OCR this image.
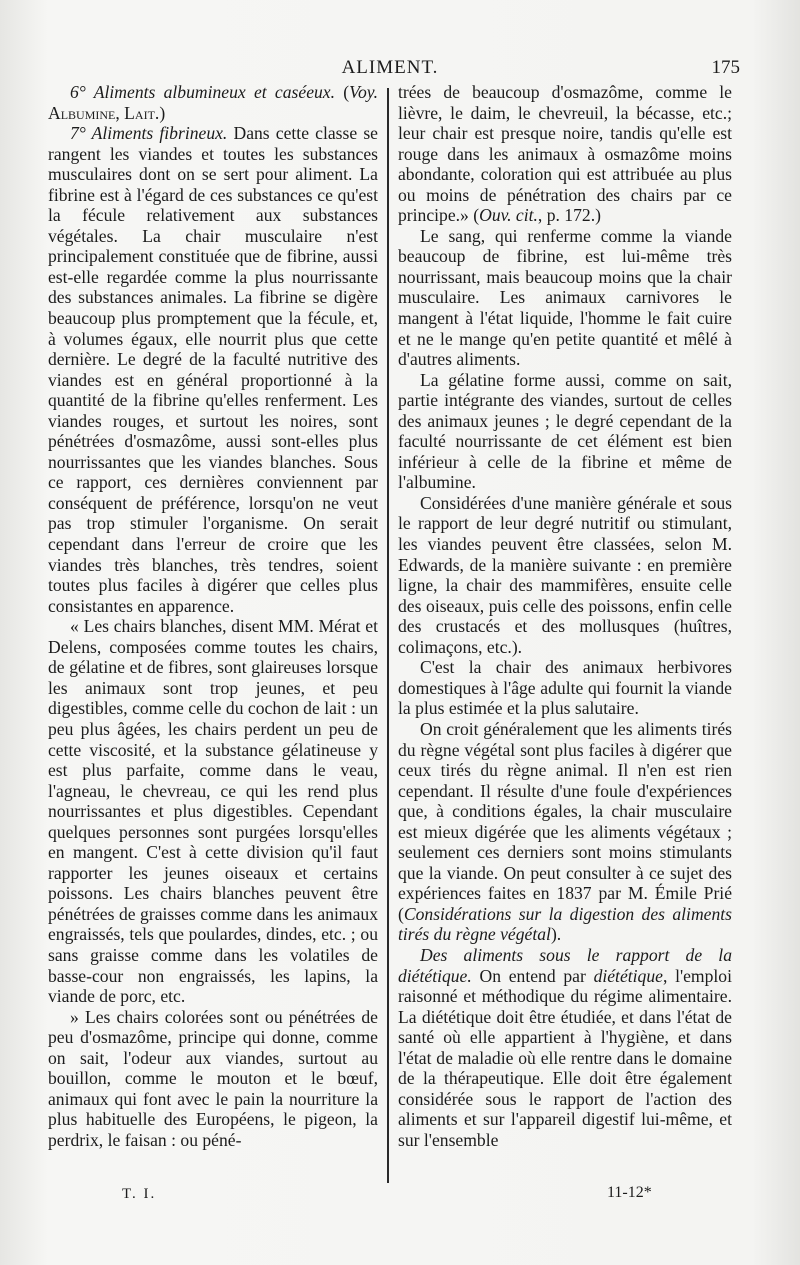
ALIMENT.	175

6° Aliments albumineux et caséeux. (Voy. Albumine, Lait.)

7° Aliments fibrineux. Dans cette classe se rangent les viandes et toutes les substances musculaires dont on se sert pour aliment. La fibrine est à l'égard de ces substances ce qu'est la fécule relativement aux substances végétales. La chair musculaire n'est principalement constituée que de fibrine, aussi est-elle regardée comme la plus nourrissante des substances animales. La fibrine se digère beaucoup plus promptement que la fécule, et, à volumes égaux, elle nourrit plus que cette dernière. Le degré de la faculté nutritive des viandes est en général proportionné à la quantité de la fibrine qu'elles renferment. Les viandes rouges, et surtout les noires, sont pénétrées d'osmazôme, aussi sont-elles plus nourrissantes que les viandes blanches. Sous ce rapport, ces dernières conviennent par conséquent de préférence, lorsqu'on ne veut pas trop stimuler l'organisme. On serait cependant dans l'erreur de croire que les viandes très blanches, très tendres, soient toutes plus faciles à digérer que celles plus consistantes en apparence.

« Les chairs blanches, disent MM. Mérat et Delens, composées comme toutes les chairs, de gélatine et de fibres, sont glaireuses lorsque les animaux sont trop jeunes, et peu digestibles, comme celle du cochon de lait : un peu plus âgées, les chairs perdent un peu de cette viscosité, et la substance gélatineuse y est plus parfaite, comme dans le veau, l'agneau, le chevreau, ce qui les rend plus nourrissantes et plus digestibles. Cependant quelques personnes sont purgées lorsqu'elles en mangent. C'est à cette division qu'il faut rapporter les jeunes oiseaux et certains poissons. Les chairs blanches peuvent être pénétrées de graisses comme dans les animaux engraissés, tels que poulardes, dindes, etc. ; ou sans graisse comme dans les volatiles de basse-cour non engraissés, les lapins, la viande de porc, etc.

» Les chairs colorées sont ou pénétrées de peu d'osmazôme, principe qui donne, comme on sait, l'odeur aux viandes, surtout au bouillon, comme le mouton et le bœuf, animaux qui font avec le pain la nourriture la plus habituelle des Européens, le pigeon, la perdrix, le faisan : ou péné-

trées de beaucoup d'osmazôme, comme le lièvre, le daim, le chevreuil, la bécasse, etc.; leur chair est presque noire, tandis qu'elle est rouge dans les animaux à osmazôme moins abondante, coloration qui est attribuée au plus ou moins de pénétration des chairs par ce principe.» (Ouv. cit., p. 172.)

Le sang, qui renferme comme la viande beaucoup de fibrine, est lui-même très nourrissant, mais beaucoup moins que la chair musculaire. Les animaux carnivores le mangent à l'état liquide, l'homme le fait cuire et ne le mange qu'en petite quantité et mêlé à d'autres aliments.

La gélatine forme aussi, comme on sait, partie intégrante des viandes, surtout de celles des animaux jeunes ; le degré cependant de la faculté nourrissante de cet élément est bien inférieur à celle de la fibrine et même de l'albumine.

Considérées d'une manière générale et sous le rapport de leur degré nutritif ou stimulant, les viandes peuvent être classées, selon M. Edwards, de la manière suivante : en première ligne, la chair des mammifères, ensuite celle des oiseaux, puis celle des poissons, enfin celle des crustacés et des mollusques (huîtres, colimaçons, etc.).

C'est la chair des animaux herbivores domestiques à l'âge adulte qui fournit la viande la plus estimée et la plus salutaire.

On croit généralement que les aliments tirés du règne végétal sont plus faciles à digérer que ceux tirés du règne animal. Il n'en est rien cependant. Il résulte d'une foule d'expériences que, à conditions égales, la chair musculaire est mieux digérée que les aliments végétaux ; seulement ces derniers sont moins stimulants que la viande. On peut consulter à ce sujet des expériences faites en 1837 par M. Émile Prié (Considérations sur la digestion des aliments tirés du règne végétal).

Des aliments sous le rapport de la diététique. On entend par diététique, l'emploi raisonné et méthodique du régime alimentaire. La diététique doit être étudiée, et dans l'état de santé où elle appartient à l'hygiène, et dans l'état de maladie où elle rentre dans le domaine de la thérapeutique. Elle doit être également considérée sous le rapport de l'action des aliments et sur l'appareil digestif lui-même, et sur l'ensemble

T. I.	11-12*
